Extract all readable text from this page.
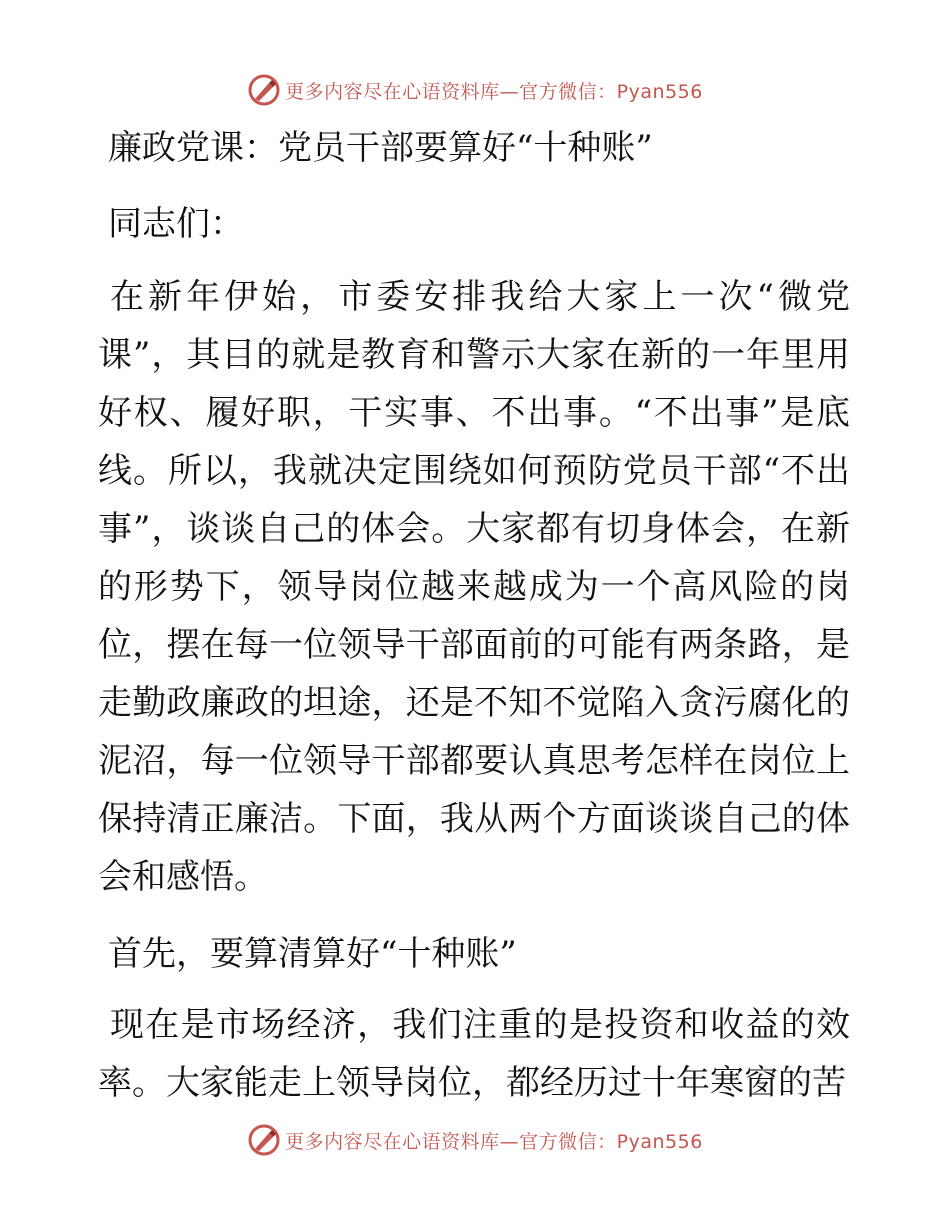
更多内容尽在心语资料库—官方微信：Pyan556
廉政党课：党员干部要算好“十种账”
同志们：
在新年伊始，市委安排我给大家上一次“微党课”，其目的就是教育和警示大家在新的一年里用好权、履好职，干实事、不出事。“不出事”是底线。所以，我就决定围绕如何预防党员干部“不出事”，谈谈自己的体会。大家都有切身体会，在新的形势下，领导岗位越来越成为一个高风险的岗位，摆在每一位领导干部面前的可能有两条路，是走勤政廉政的坦途，还是不知不觉陷入贪污腐化的泥沼，每一位领导干部都要认真思考怎样在岗位上保持清正廉洁。下面，我从两个方面谈谈自己的体会和感悟。
首先，要算清算好“十种账”
现在是市场经济，我们注重的是投资和收益的效率。大家能走上领导岗位，都经历过十年寒窗的苦
更多内容尽在心语资料库—官方微信：Pyan556
